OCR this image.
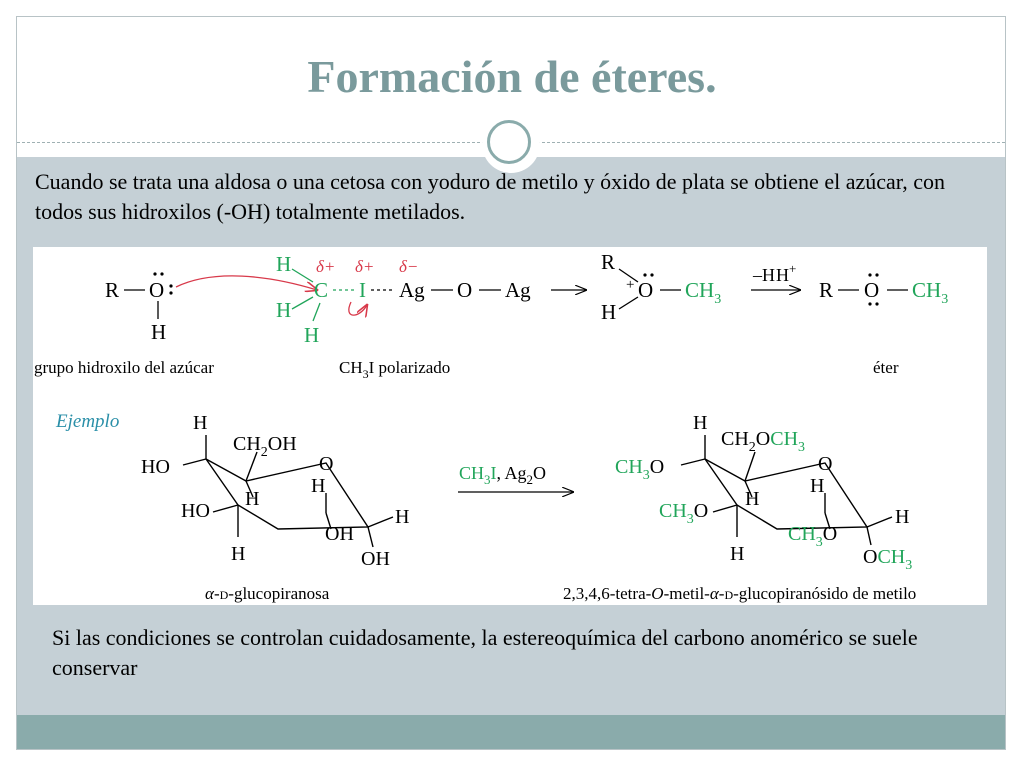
Formación de éteres.
Cuando se trata una aldosa o una cetosa con yoduro de metilo y óxido de plata se obtiene el azúcar, con todos sus hidroxilos (-OH) totalmente metilados.
R O
H
H
C
H
H
I
δ+ δ+ δ−
Ag O Ag
R
+ O $CH_3$
H
–HH+
R O $CH_3$
grupo hidroxilo del azúcar	$CH_3I$ polarizado	éter
Ejemplo	H
HO
$CH_2OH$
O
H
H
HO
H
OH
H
OH
$CH_3I$, $Ag_2O$
H
$CH_3O$
$CH_2OCH_3$
O
H
H
$CH_3O$
H
$CH_3O$
H
$OCH_3$
α-D-glucopiranosa	2,3,4,6-tetra-O-metil-α-D-glucopiranósido de metilo
Si las condiciones se controlan cuidadosamente, la estereoquímica del carbono anomérico se suele conservar
